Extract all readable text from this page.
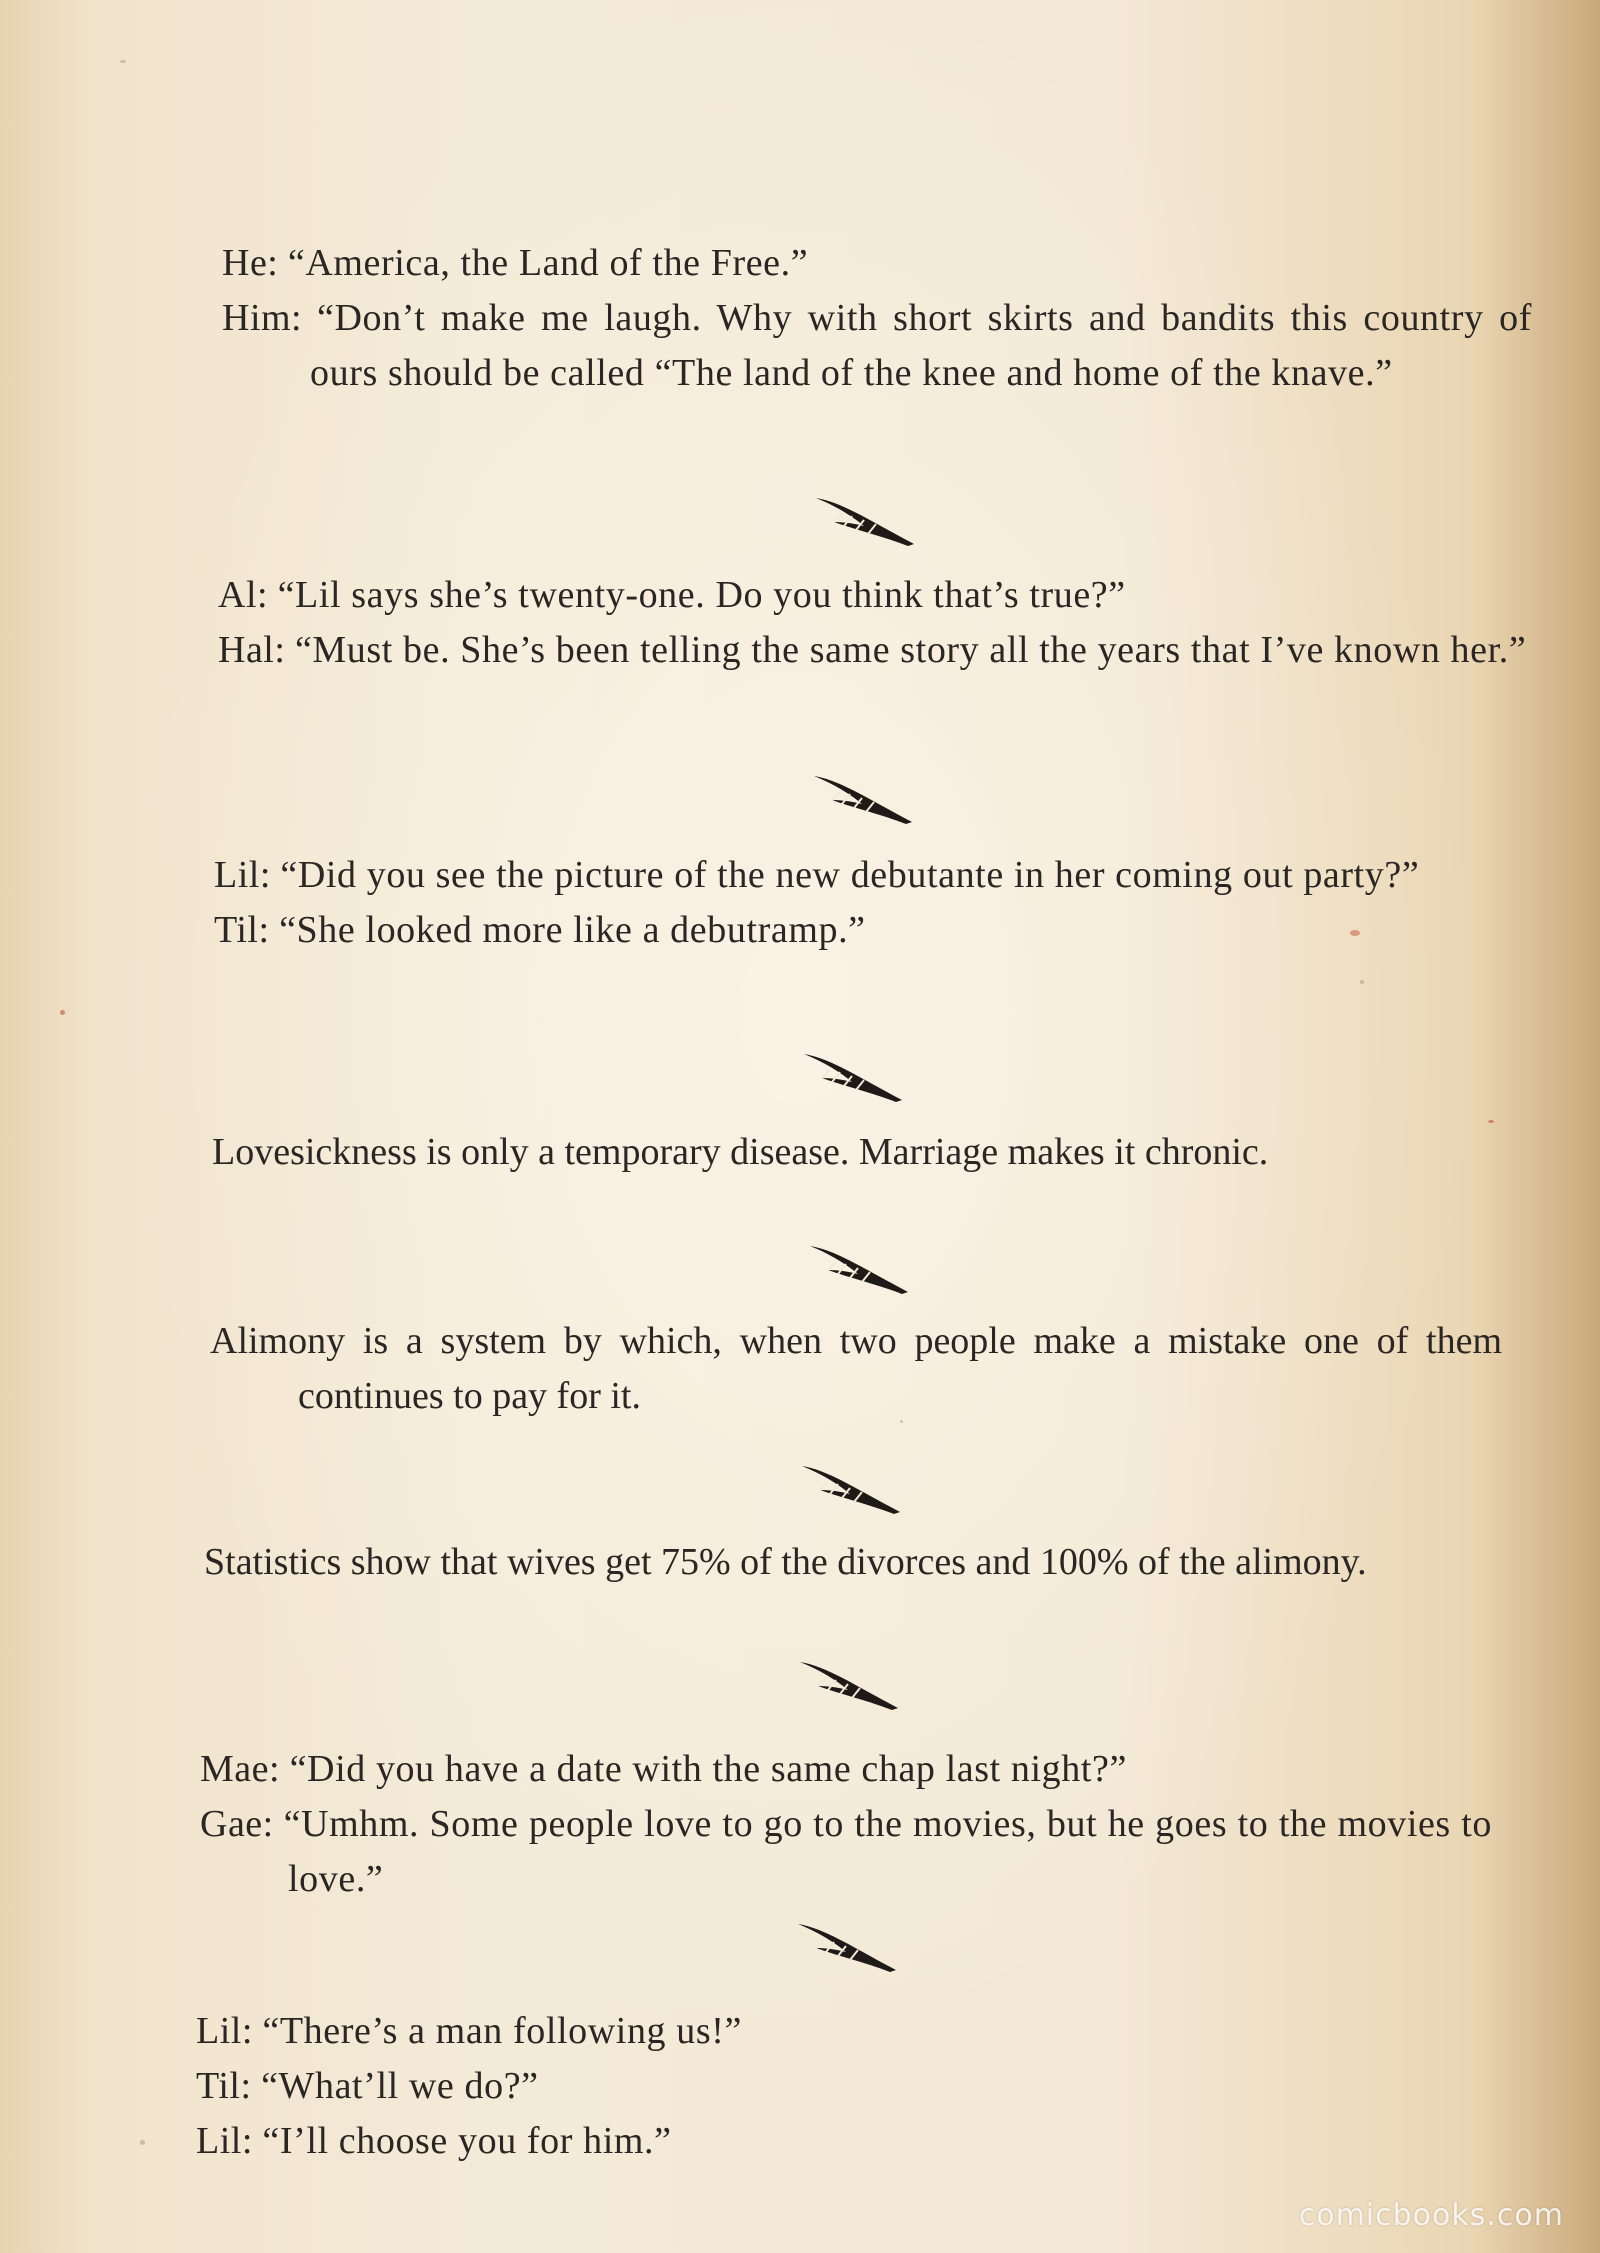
He: “America, the Land of the Free.”
Him: “Don’t make me laugh. Why with short skirts and bandits this country of ours should be called “The land of the knee and home of the knave.”
Al: “Lil says she’s twenty-one. Do you think that’s true?”
Hal: “Must be. She’s been telling the same story all the years that I’ve known her.”
Lil: “Did you see the picture of the new debutante in her coming out party?”
Til: “She looked more like a debutramp.”
Lovesickness is only a temporary disease. Marriage makes it chronic.
Alimony is a system by which, when two people make a mistake one of them continues to pay for it.
Statistics show that wives get 75% of the divorces and 100% of the alimony.
Mae: “Did you have a date with the same chap last night?”
Gae: “Umhm. Some people love to go to the movies, but he goes to the movies to love.”
Lil: “There’s a man following us!”
Til: “What’ll we do?”
Lil: “I’ll choose you for him.”
comicbooks.com
